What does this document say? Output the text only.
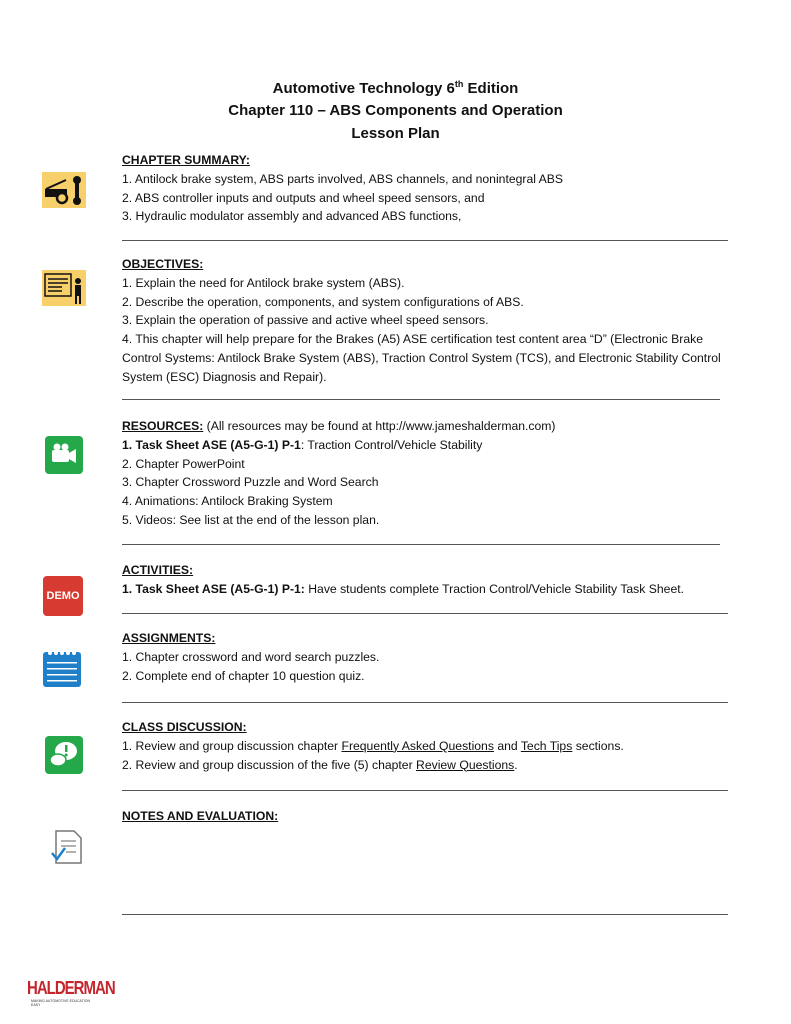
Automotive Technology 6th Edition
Chapter 110 – ABS Components and Operation
Lesson Plan
CHAPTER SUMMARY:
1. Antilock brake system, ABS parts involved, ABS channels, and nonintegral ABS
2. ABS controller inputs and outputs and wheel speed sensors, and
3. Hydraulic modulator assembly and advanced ABS functions,
OBJECTIVES:
1. Explain the need for Antilock brake system (ABS).
2. Describe the operation, components, and system configurations of ABS.
3. Explain the operation of passive and active wheel speed sensors.
4. This chapter will help prepare for the Brakes (A5) ASE certification test content area “D” (Electronic Brake Control Systems: Antilock Brake System (ABS), Traction Control System (TCS), and Electronic Stability Control System (ESC) Diagnosis and Repair).
RESOURCES: (All resources may be found at http://www.jameshalderman.com)
1. Task Sheet ASE (A5-G-1) P-1: Traction Control/Vehicle Stability
2. Chapter PowerPoint
3. Chapter Crossword Puzzle and Word Search
4. Animations: Antilock Braking System
5. Videos: See list at the end of the lesson plan.
DEMO
ACTIVITIES:
1. Task Sheet ASE (A5-G-1) P-1: Have students complete Traction Control/Vehicle Stability Task Sheet.
ASSIGNMENTS:
1. Chapter crossword and word search puzzles.
2. Complete end of chapter 10 question quiz.
CLASS DISCUSSION:
1. Review and group discussion chapter Frequently Asked Questions and Tech Tips sections.
2. Review and group discussion of the five (5) chapter Review Questions.
NOTES AND EVALUATION:
HALDERMAN
MAKING AUTOMOTIVE EDUCATION EASY
